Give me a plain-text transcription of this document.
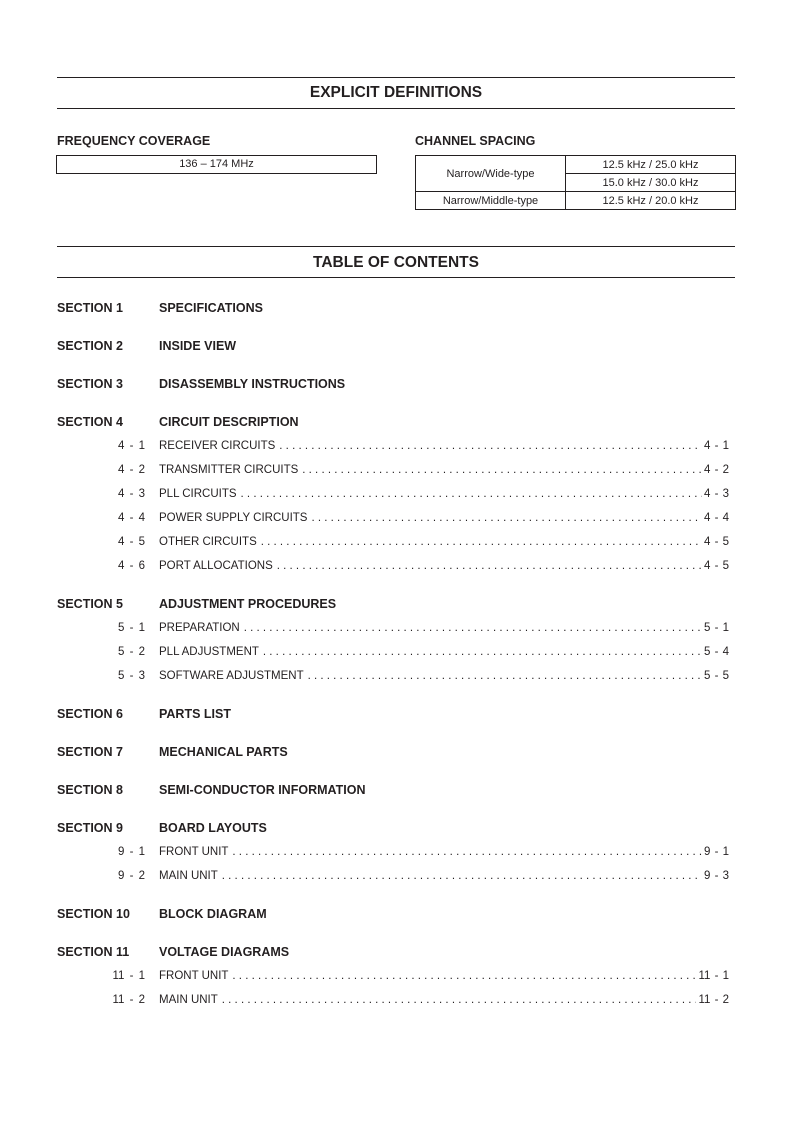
EXPLICIT DEFINITIONS
FREQUENCY COVERAGE
136 – 174 MHz
CHANNEL SPACING
Narrow/Wide-type	12.5 kHz / 25.0 kHz
	15.0 kHz / 30.0 kHz
Narrow/Middle-type	12.5 kHz / 20.0 kHz
TABLE OF CONTENTS
SECTION 1	SPECIFICATIONS
SECTION 2	INSIDE VIEW
SECTION 3	DISASSEMBLY INSTRUCTIONS
SECTION 4	CIRCUIT DESCRIPTION
4 - 1 RECEIVER CIRCUITS . . .	4 - 1
4 - 2 TRANSMITTER CIRCUITS . . .	4 - 2
4 - 3 PLL CIRCUITS . . .	4 - 3
4 - 4 POWER SUPPLY CIRCUITS . . .	4 - 4
4 - 5 OTHER CIRCUITS . . .	4 - 5
4 - 6 PORT ALLOCATIONS . . .	4 - 5
SECTION 5	ADJUSTMENT PROCEDURES
5 - 1 PREPARATION . . .	5 - 1
5 - 2 PLL ADJUSTMENT . . .	5 - 4
5 - 3 SOFTWARE ADJUSTMENT . . .	5 - 5
SECTION 6	PARTS LIST
SECTION 7	MECHANICAL PARTS
SECTION 8	SEMI-CONDUCTOR INFORMATION
SECTION 9	BOARD LAYOUTS
9 - 1 FRONT UNIT . . .	9 - 1
9 - 2 MAIN UNIT . . .	9 - 3
SECTION 10 BLOCK DIAGRAM
SECTION 11 VOLTAGE DIAGRAMS
11 - 1 FRONT UNIT . . .	11 - 1
11 - 2 MAIN UNIT . . .	11 - 2
